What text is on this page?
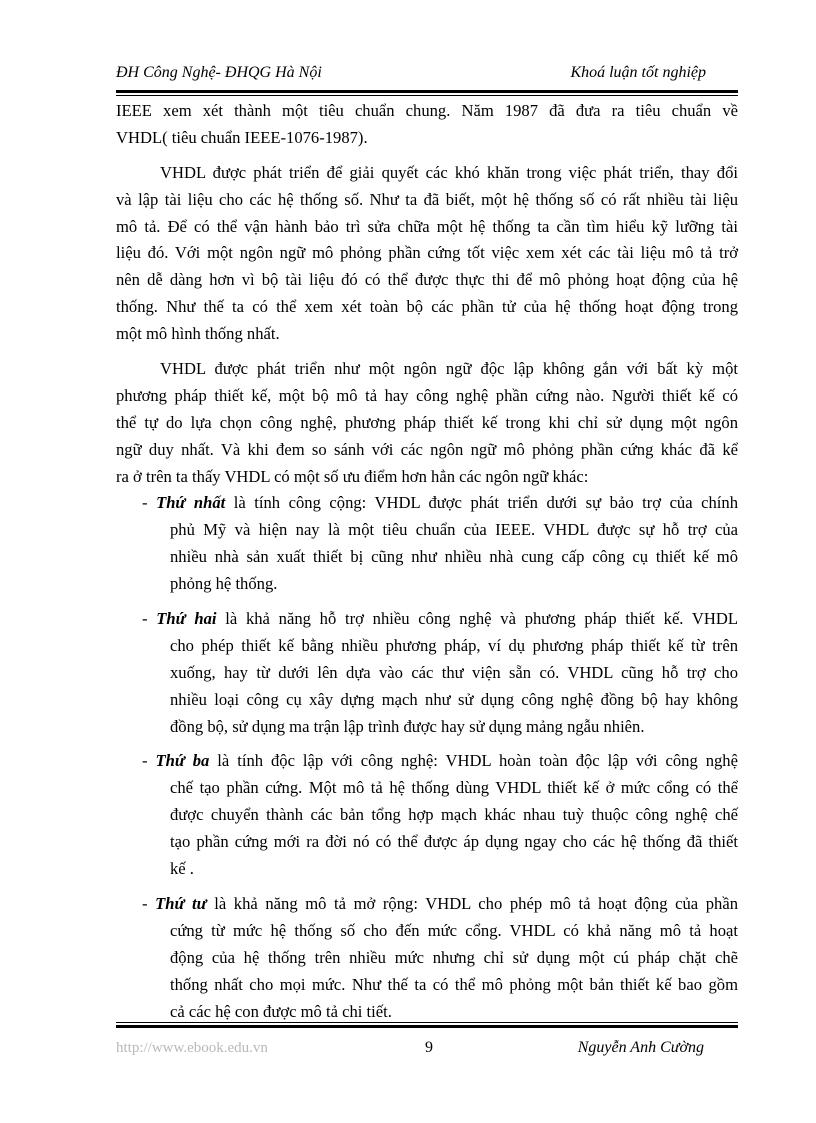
ĐH Công Nghệ- ĐHQG Hà Nội	Khoá luận tốt nghiệp
IEEE xem xét thành một tiêu chuẩn chung. Năm 1987 đã đưa ra tiêu chuẩn về
VHDL( tiêu chuẩn IEEE-1076-1987).
VHDL được phát triển để giải quyết các khó khăn trong việc phát triển, thay đổi
và lập tài liệu cho các hệ thống số. Như ta đã biết, một hệ thống số có rất nhiều tài liệu
mô tả. Để có thể vận hành bảo trì sửa chữa một hệ thống ta cần tìm hiểu kỹ lưỡng tài
liệu đó. Với một ngôn ngữ mô phỏng phần cứng tốt việc xem xét các tài liệu mô tả trở
nên dễ dàng hơn vì bộ tài liệu đó có thể được thực thi để mô phỏng hoạt động của hệ
thống. Như thế ta có thể xem xét toàn bộ các phần tử của hệ thống hoạt động trong
một mô hình thống nhất.
VHDL được phát triển như một ngôn ngữ độc lập không gắn với bất kỳ một
phương pháp thiết kế, một bộ mô tả hay công nghệ phần cứng nào. Người thiết kế có
thể tự do lựa chọn công nghệ, phương pháp thiết kế trong khi chỉ sử dụng một ngôn
ngữ duy nhất. Và khi đem so sánh với các ngôn ngữ mô phỏng phần cứng khác đã kể
ra ở trên ta thấy VHDL có một số ưu điểm hơn hẳn các ngôn ngữ khác:
- Thứ nhất là tính công cộng: VHDL được phát triển dưới sự bảo trợ của chính
phủ Mỹ và hiện nay là một tiêu chuẩn của IEEE. VHDL được sự hỗ trợ của
nhiều nhà sản xuất thiết bị cũng như nhiều nhà cung cấp công cụ thiết kế mô
phỏng hệ thống.
- Thứ hai là khả năng hỗ trợ nhiều công nghệ và phương pháp thiết kế. VHDL
cho phép thiết kế bằng nhiều phương pháp, ví dụ phương pháp thiết kế từ trên
xuống, hay từ dưới lên dựa vào các thư viện sẵn có. VHDL cũng hỗ trợ cho
nhiều loại công cụ xây dựng mạch như sử dụng công nghệ đồng bộ hay không
đồng bộ, sử dụng ma trận lập trình được hay sử dụng mảng ngẫu nhiên.
- Thứ ba là tính độc lập với công nghệ: VHDL hoàn toàn độc lập với công nghệ
chế tạo phần cứng. Một mô tả hệ thống dùng VHDL thiết kế ở mức cổng có thể
được chuyển thành các bản tổng hợp mạch khác nhau tuỳ thuộc công nghệ chế
tạo phần cứng mới ra đời nó có thể được áp dụng ngay cho các hệ thống đã thiết
kế .
- Thứ tư là khả năng mô tả mở rộng: VHDL cho phép mô tả hoạt động của phần
cứng từ mức hệ thống số cho đến mức cổng. VHDL có khả năng mô tả hoạt
động của hệ thống trên nhiều mức nhưng chỉ sử dụng một cú pháp chặt chẽ
thống nhất cho mọi mức. Như thế ta có thể mô phỏng một bản thiết kế bao gồm
cả các hệ con được mô tả chi tiết.
http://www.ebook.edu.vn	9	Nguyễn Anh Cường
